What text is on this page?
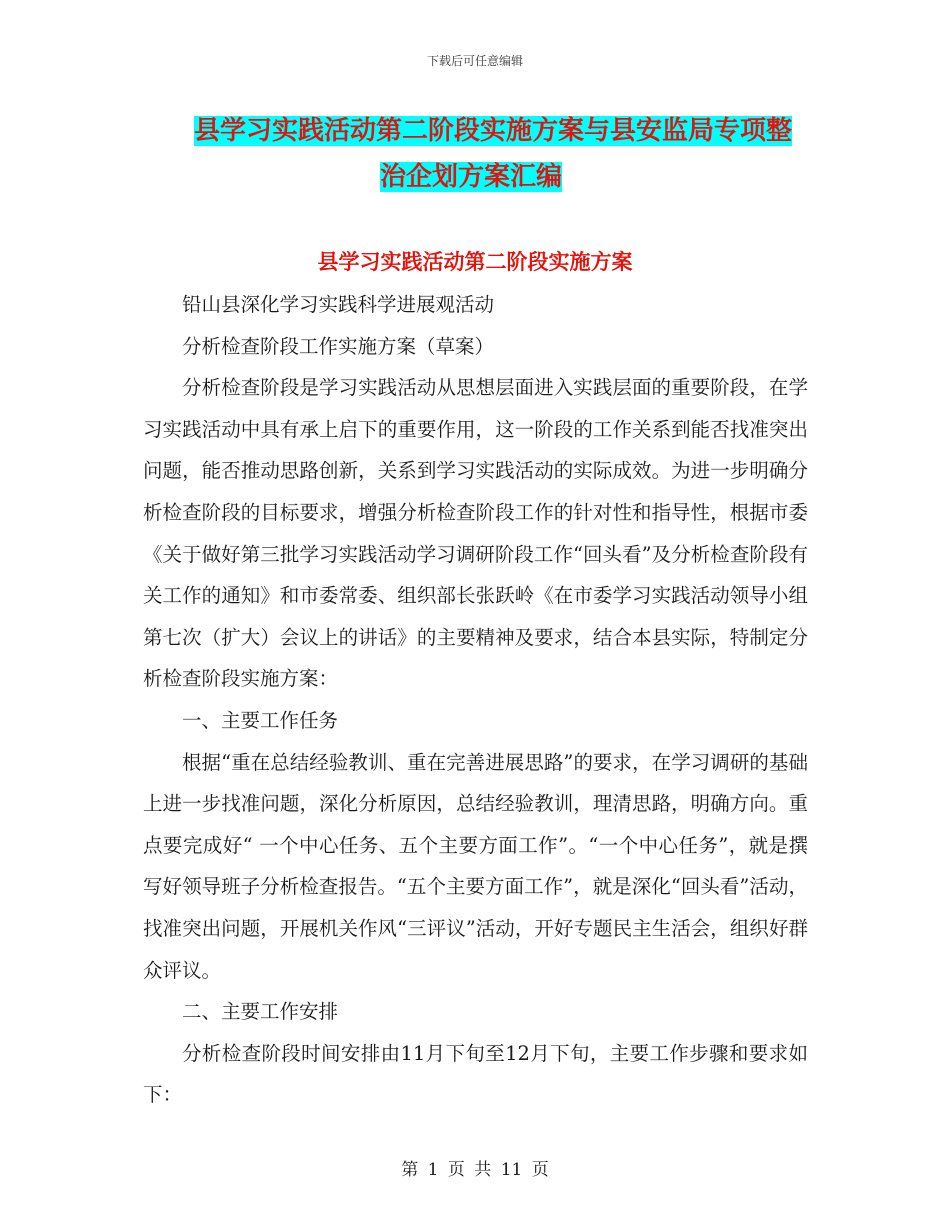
下载后可任意编辑
县学习实践活动第二阶段实施方案与县安监局专项整
治企划方案汇编
县学习实践活动第二阶段实施方案

铅山县深化学习实践科学进展观活动

分析检查阶段工作实施方案（草案）

分析检查阶段是学习实践活动从思想层面进入实践层面的重要阶段，在学习实践活动中具有承上启下的重要作用，这一阶段的工作关系到能否找准突出问题，能否推动思路创新，关系到学习实践活动的实际成效。为进一步明确分析检查阶段的目标要求，增强分析检查阶段工作的针对性和指导性，根据市委《关于做好第三批学习实践活动学习调研阶段工作“回头看”及分析检查阶段有关工作的通知》和市委常委、组织部长张跃岭《在市委学习实践活动领导小组第七次（扩大）会议上的讲话》的主要精神及要求，结合本县实际，特制定分析检查阶段实施方案：

一、主要工作任务

根据“重在总结经验教训、重在完善进展思路”的要求，在学习调研的基础上进一步找准问题，深化分析原因，总结经验教训，理清思路，明确方向。重点要完成好“ 一个中心任务、五个主要方面工作”。“一个中心任务”，就是撰写好领导班子分析检查报告。“五个主要方面工作”，就是深化“回头看”活动，找准突出问题，开展机关作风“三评议”活动，开好专题民主生活会，组织好群众评议。

二、主要工作安排

分析检查阶段时间安排由11月下旬至12月下旬，主要工作步骤和要求如下：

第 1 页 共 11 页
